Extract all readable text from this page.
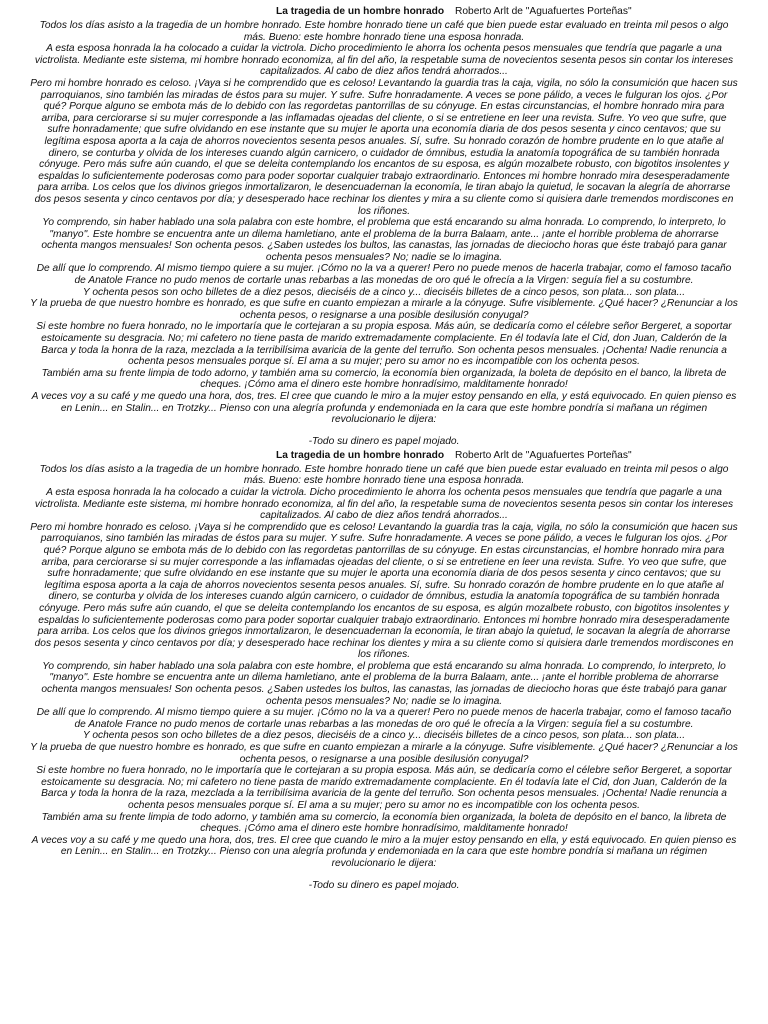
La tragedia de un hombre honrado Roberto Arlt de "Aguafuertes Porteñas"

Todos los días asisto a la tragedia de un hombre honrado. Este hombre honrado tiene un café que bien puede estar evaluado en treinta mil pesos o algo más. Bueno: este hombre honrado tiene una esposa honrada.

A esta esposa honrada la ha colocado a cuidar la victrola. Dicho procedimiento le ahorra los ochenta pesos mensuales que tendría que pagarle a una victrolista. Mediante este sistema, mi hombre honrado economiza, al fin del año, la respetable suma de novecientos sesenta pesos sin contar los intereses capitalizados. Al cabo de diez años tendrá ahorrados...

Pero mi hombre honrado es celoso. ¡Vaya si he comprendido que es celoso! Levantando la guardia tras la caja, vigila, no sólo la consumición que hacen sus parroquianos, sino también las miradas de éstos para su mujer. Y sufre. Sufre honradamente. A veces se pone pálido, a veces le fulguran los ojos. ¿Por qué? Porque alguno se embota más de lo debido con las regordetas pantorrillas de su cónyuge. En estas circunstancias, el hombre honrado mira para arriba, para cerciorarse si su mujer corresponde a las inflamadas ojeadas del cliente, o si se entretiene en leer una revista. Sufre. Yo veo que sufre, que sufre honradamente; que sufre olvidando en ese instante que su mujer le aporta una economía diaria de dos pesos sesenta y cinco centavos; que su legítima esposa aporta a la caja de ahorros novecientos sesenta pesos anuales. Sí, sufre. Su honrado corazón de hombre prudente en lo que atañe al dinero, se conturba y olvida de los intereses cuando algún carnicero, o cuidador de ómnibus, estudia la anatomía topográfica de su también honrada cónyuge. Pero más sufre aún cuando, el que se deleita contemplando los encantos de su esposa, es algún mozalbete robusto, con bigotitos insolentes y espaldas lo suficientemente poderosas como para poder soportar cualquier trabajo extraordinario. Entonces mi hombre honrado mira desesperadamente para arriba. Los celos que los divinos griegos inmortalizaron, le desencuadernan la economía, le tiran abajo la quietud, le socavan la alegría de ahorrarse dos pesos sesenta y cinco centavos por día; y desesperado hace rechinar los dientes y mira a su cliente como si quisiera darle tremendos mordiscones en los riñones.

Yo comprendo, sin haber hablado una sola palabra con este hombre, el problema que está encarando su alma honrada. Lo comprendo, lo interpreto, lo "manyo". Este hombre se encuentra ante un dilema hamletiano, ante el problema de la burra Balaam, ante... ¡ante el horrible problema de ahorrarse ochenta mangos mensuales! Son ochenta pesos. ¿Saben ustedes los bultos, las canastas, las jornadas de dieciocho horas que éste trabajó para ganar ochenta pesos mensuales? No; nadie se lo imagina.

De allí que lo comprendo. Al mismo tiempo quiere a su mujer. ¡Cómo no la va a querer! Pero no puede menos de hacerla trabajar, como el famoso tacaño de Anatole France no pudo menos de cortarle unas rebarbas a las monedas de oro qué le ofrecía a la Virgen: seguía fiel a su costumbre.

Y ochenta pesos son ocho billetes de a diez pesos, dieciséis de a cinco y... dieciséis billetes de a cinco pesos, son plata... son plata...

Y la prueba de que nuestro hombre es honrado, es que sufre en cuanto empiezan a mirarle a la cónyuge. Sufre visiblemente. ¿Qué hacer? ¿Renunciar a los ochenta pesos, o resignarse a una posible desilusión conyugal?

Si este hombre no fuera honrado, no le importaría que le cortejaran a su propia esposa. Más aún, se dedicaría como el célebre señor Bergeret, a soportar estoicamente su desgracia. No; mi cafetero no tiene pasta de marido extremadamente complaciente. En él todavía late el Cid, don Juan, Calderón de la Barca y toda la honra de la raza, mezclada a la terribilísima avaricia de la gente del terruño. Son ochenta pesos mensuales. ¡Ochenta! Nadie renuncia a ochenta pesos mensuales porque sí. El ama a su mujer; pero su amor no es incompatible con los ochenta pesos.

También ama su frente limpia de todo adorno, y también ama su comercio, la economía bien organizada, la boleta de depósito en el banco, la libreta de cheques. ¡Cómo ama el dinero este hombre honradísimo, malditamente honrado!

A veces voy a su café y me quedo una hora, dos, tres. El cree que cuando le miro a la mujer estoy pensando en ella, y está equivocado. En quien pienso es en Lenin... en Stalin... en Trotzky... Pienso con una alegría profunda y endemoniada en la cara que este hombre pondría si mañana un régimen revolucionario le dijera:

-Todo su dinero es papel mojado.

La tragedia de un hombre honrado Roberto Arlt de "Aguafuertes Porteñas"

Todos los días asisto a la tragedia de un hombre honrado. Este hombre honrado tiene un café que bien puede estar evaluado en treinta mil pesos o algo más. Bueno: este hombre honrado tiene una esposa honrada.

A esta esposa honrada la ha colocado a cuidar la victrola. Dicho procedimiento le ahorra los ochenta pesos mensuales que tendría que pagarle a una victrolista. Mediante este sistema, mi hombre honrado economiza, al fin del año, la respetable suma de novecientos sesenta pesos sin contar los intereses capitalizados. Al cabo de diez años tendrá ahorrados...

Pero mi hombre honrado es celoso. ¡Vaya si he comprendido que es celoso! Levantando la guardia tras la caja, vigila, no sólo la consumición que hacen sus parroquianos, sino también las miradas de éstos para su mujer. Y sufre. Sufre honradamente. A veces se pone pálido, a veces le fulguran los ojos. ¿Por qué? Porque alguno se embota más de lo debido con las regordetas pantorrillas de su cónyuge. En estas circunstancias, el hombre honrado mira para arriba, para cerciorarse si su mujer corresponde a las inflamadas ojeadas del cliente, o si se entretiene en leer una revista. Sufre. Yo veo que sufre, que sufre honradamente; que sufre olvidando en ese instante que su mujer le aporta una economía diaria de dos pesos sesenta y cinco centavos; que su legítima esposa aporta a la caja de ahorros novecientos sesenta pesos anuales. Sí, sufre. Su honrado corazón de hombre prudente en lo que atañe al dinero, se conturba y olvida de los intereses cuando algún carnicero, o cuidador de ómnibus, estudia la anatomía topográfica de su también honrada cónyuge. Pero más sufre aún cuando, el que se deleita contemplando los encantos de su esposa, es algún mozalbete robusto, con bigotitos insolentes y espaldas lo suficientemente poderosas como para poder soportar cualquier trabajo extraordinario. Entonces mi hombre honrado mira desesperadamente para arriba. Los celos que los divinos griegos inmortalizaron, le desencuadernan la economía, le tiran abajo la quietud, le socavan la alegría de ahorrarse dos pesos sesenta y cinco centavos por día; y desesperado hace rechinar los dientes y mira a su cliente como si quisiera darle tremendos mordiscones en los riñones.

Yo comprendo, sin haber hablado una sola palabra con este hombre, el problema que está encarando su alma honrada. Lo comprendo, lo interpreto, lo "manyo". Este hombre se encuentra ante un dilema hamletiano, ante el problema de la burra Balaam, ante... ¡ante el horrible problema de ahorrarse ochenta mangos mensuales! Son ochenta pesos. ¿Saben ustedes los bultos, las canastas, las jornadas de dieciocho horas que éste trabajó para ganar ochenta pesos mensuales? No; nadie se lo imagina.

De allí que lo comprendo. Al mismo tiempo quiere a su mujer. ¡Cómo no la va a querer! Pero no puede menos de hacerla trabajar, como el famoso tacaño de Anatole France no pudo menos de cortarle unas rebarbas a las monedas de oro qué le ofrecía a la Virgen: seguía fiel a su costumbre.

Y ochenta pesos son ocho billetes de a diez pesos, dieciséis de a cinco y... dieciséis billetes de a cinco pesos, son plata... son plata...

Y la prueba de que nuestro hombre es honrado, es que sufre en cuanto empiezan a mirarle a la cónyuge. Sufre visiblemente. ¿Qué hacer? ¿Renunciar a los ochenta pesos, o resignarse a una posible desilusión conyugal?

Si este hombre no fuera honrado, no le importaría que le cortejaran a su propia esposa. Más aún, se dedicaría como el célebre señor Bergeret, a soportar estoicamente su desgracia. No; mi cafetero no tiene pasta de marido extremadamente complaciente. En él todavía late el Cid, don Juan, Calderón de la Barca y toda la honra de la raza, mezclada a la terribilísima avaricia de la gente del terruño. Son ochenta pesos mensuales. ¡Ochenta! Nadie renuncia a ochenta pesos mensuales porque sí. El ama a su mujer; pero su amor no es incompatible con los ochenta pesos.

También ama su frente limpia de todo adorno, y también ama su comercio, la economía bien organizada, la boleta de depósito en el banco, la libreta de cheques. ¡Cómo ama el dinero este hombre honradísimo, malditamente honrado!

A veces voy a su café y me quedo una hora, dos, tres. El cree que cuando le miro a la mujer estoy pensando en ella, y está equivocado. En quien pienso es en Lenin... en Stalin... en Trotzky... Pienso con una alegría profunda y endemoniada en la cara que este hombre pondría si mañana un régimen revolucionario le dijera:

-Todo su dinero es papel mojado.
